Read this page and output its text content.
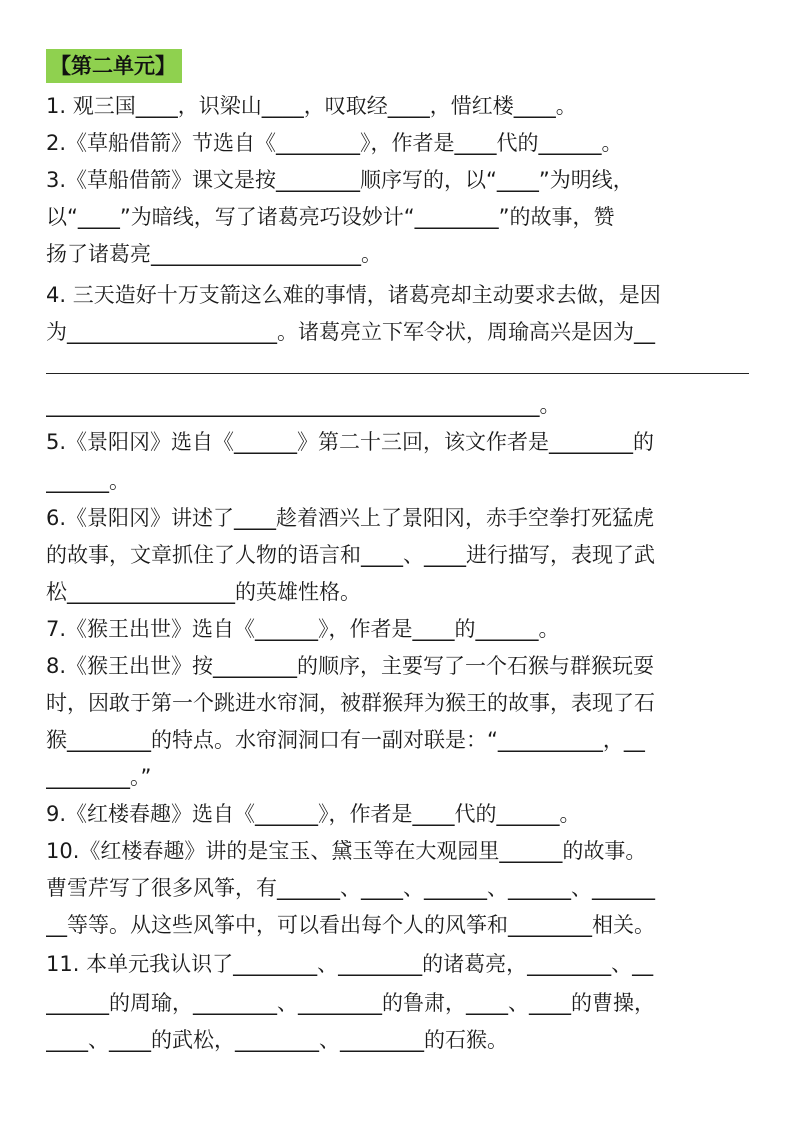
【第二单元】
1. 观三国____，识梁山____，叹取经____，惜红楼____。
2.《草船借箭》节选自《________》，作者是____代的______。
3.《草船借箭》课文是按________顺序写的，以“____”为明线，
以“____”为暗线，写了诸葛亮巧设妙计“________”的故事，赞
扬了诸葛亮____________________。
4. 三天造好十万支箭这么难的事情，诸葛亮却主动要求去做，是因
为____________________。诸葛亮立下军令状，周瑜高兴是因为__
_______________________________________________。
5.《景阳冈》选自《______》第二十三回，该文作者是________的
______。
6.《景阳冈》讲述了____趁着酒兴上了景阳冈，赤手空拳打死猛虎
的故事，文章抓住了人物的语言和____、____进行描写，表现了武
松________________的英雄性格。
7.《猴王出世》选自《______》，作者是____的______。
8.《猴王出世》按________的顺序，主要写了一个石猴与群猴玩耍
时，因敢于第一个跳进水帘洞，被群猴拜为猴王的故事，表现了石
猴________的特点。水帘洞洞口有一副对联是：“__________，__
________。”
9.《红楼春趣》选自《______》，作者是____代的______。
10.《红楼春趣》讲的是宝玉、黛玉等在大观园里______的故事。
曹雪芹写了很多风筝，有______、____、______、______、______
__等等。从这些风筝中，可以看出每个人的风筝和________相关。
11. 本单元我认识了________、________的诸葛亮，________、__
______的周瑜，________、________的鲁肃，____、____的曹操，
____、____的武松，________、________的石猴。
